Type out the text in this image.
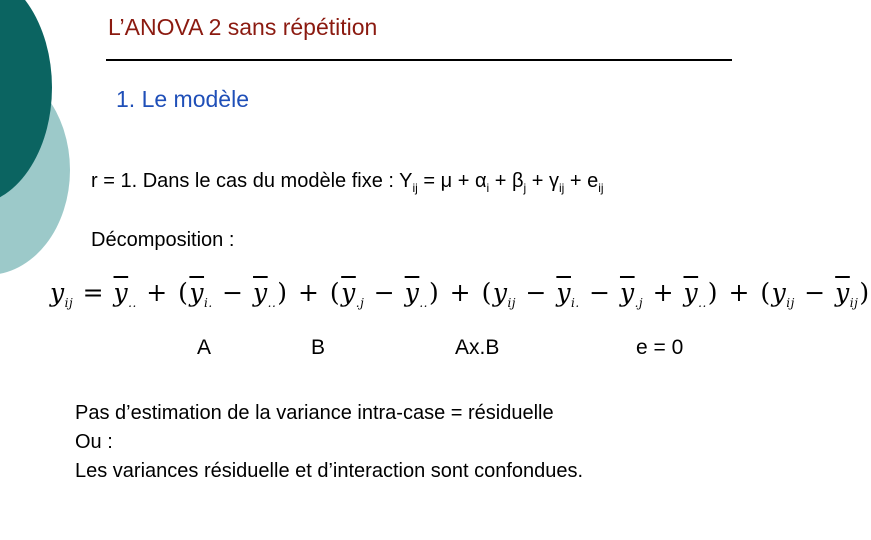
L’ANOVA 2 sans répétition
1. Le modèle
r = 1. Dans le cas du modèle fixe : $Y_{ij} = \mu + \alpha_i + \beta_j + \gamma_{ij} + e_{ij}$
Décomposition :
$y_{ij} = \overline{y}_{..} + (\overline{y}_{i.} - \overline{y}_{..}) + (\overline{y}_{.j} - \overline{y}_{..}) + (y_{ij} - \overline{y}_{i.} - \overline{y}_{.j} + \overline{y}_{..}) + (y_{ij} - \overline{y}_{ij})$
A	B	Ax.B	e = 0
Pas d’estimation de la variance intra-case = résiduelle
Ou :
Les variances résiduelle et d’interaction sont confondues.
